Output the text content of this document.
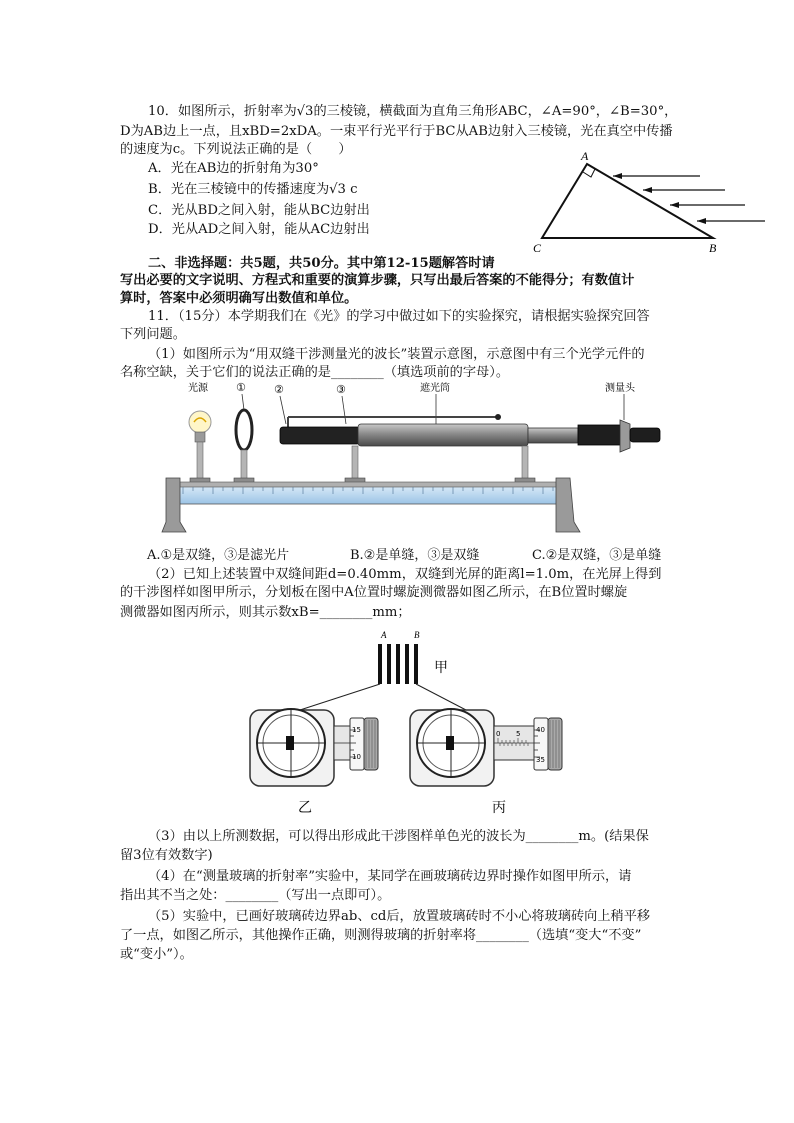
10．如图所示，折射率为√3的三棱镜，横截面为直角三角形ABC，∠A=90°，∠B=30°，
D为AB边上一点，且xBD=2xDA。一束平行光平行于BC从AB边射入三棱镜，光在真空中传播
的速度为c。下列说法正确的是（　　）
A．光在AB边的折射角为30°
B．光在三棱镜中的传播速度为√3 c
C．光从BD之间入射，能从BC边射出
D．光从AD之间入射，能从AC边射出
A
C	B
二、非选择题：共5题，共50分。其中第12-15题解答时请
写出必要的文字说明、方程式和重要的演算步骤，只写出最后答案的不能得分；有数值计
算时，答案中必须明确写出数值和单位。
11．（15分）本学期我们在《光》的学习中做过如下的实验探究，请根据实验探究回答
下列问题。
（1）如图所示为“用双缝干涉测量光的波长”装置示意图，示意图中有三个光学元件的
名称空缺，关于它们的说法正确的是________（填选项前的字母）。
光源	①	②	③	遮光筒	测量头
A.①是双缝，③是滤光片	B.②是单缝，③是双缝	C.②是双缝，③是单缝
（2）已知上述装置中双缝间距d=0.40mm，双缝到光屏的距离l=1.0m，在光屏上得到
的干涉图样如图甲所示，分划板在图中A位置时螺旋测微器如图乙所示，在B位置时螺旋
测微器如图丙所示，则其示数xB=________mm；
A	B
甲
15
10
乙
0 5 40
35
丙
（3）由以上所测数据，可以得出形成此干涉图样单色光的波长为________m。(结果保
留3位有效数字)
（4）在“测量玻璃的折射率”实验中，某同学在画玻璃砖边界时操作如图甲所示，请
指出其不当之处：________（写出一点即可）。
（5）实验中，已画好玻璃砖边界ab、cd后，放置玻璃砖时不小心将玻璃砖向上稍平移
了一点，如图乙所示，其他操作正确，则测得玻璃的折射率将________（选填“变大“不变”
或“变小”）。
